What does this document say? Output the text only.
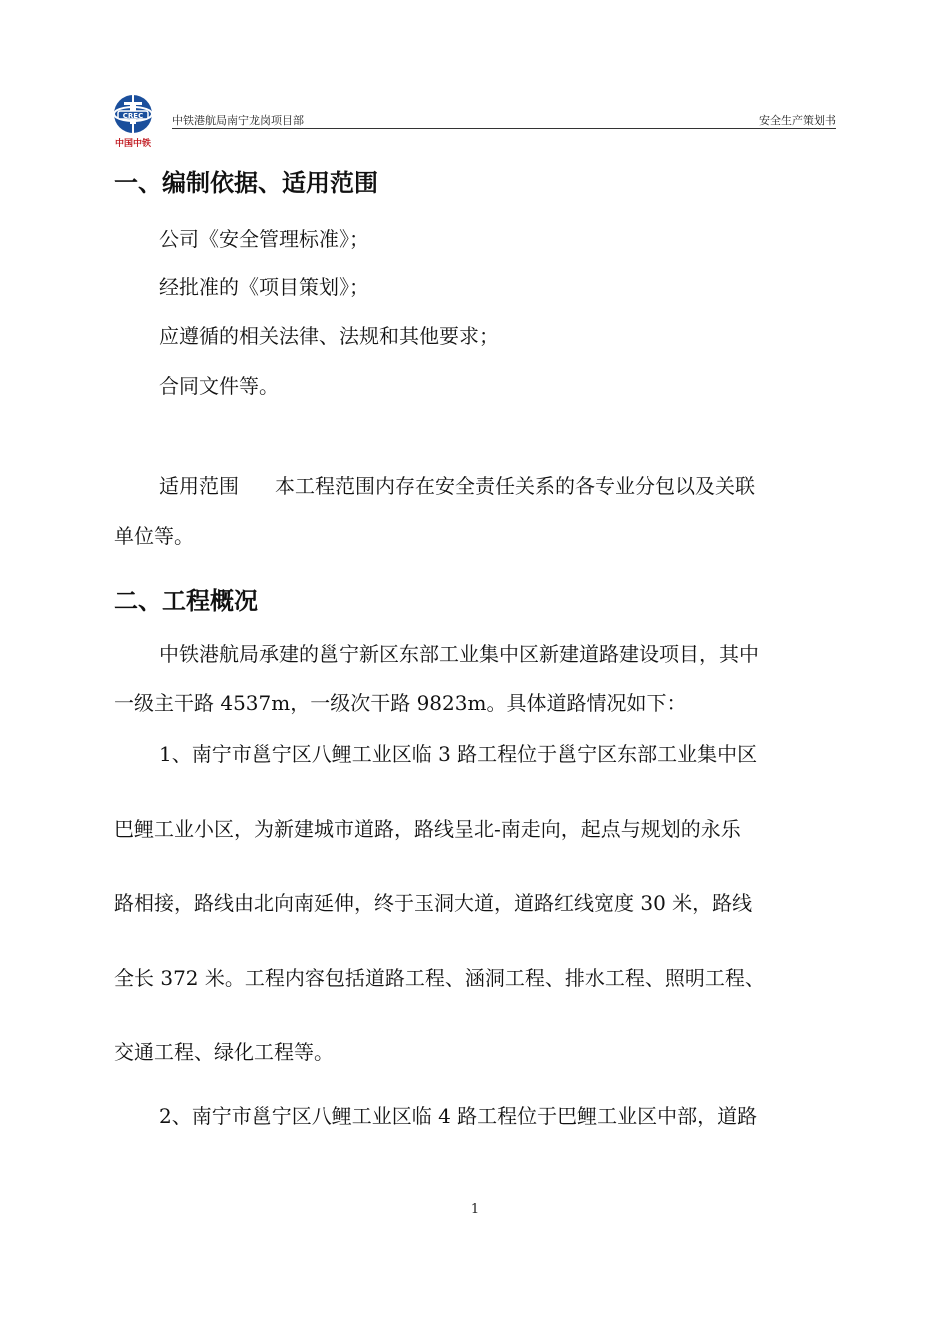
CREC
中国中铁
中铁港航局南宁龙岗项目部	安全生产策划书
一、编制依据、适用范围
公司《安全管理标准》；
经批准的《项目策划》；
应遵循的相关法律、法规和其他要求；
合同文件等。
适用范围 本工程范围内存在安全责任关系的各专业分包以及关联
单位等。
二、工程概况
中铁港航局承建的邕宁新区东部工业集中区新建道路建设项目，其中
一级主干路 4537m，一级次干路 9823m。具体道路情况如下：
1、南宁市邕宁区八鲤工业区临 3 路工程位于邕宁区东部工业集中区
巴鲤工业小区，为新建城市道路，路线呈北-南走向，起点与规划的永乐
路相接，路线由北向南延伸，终于玉洞大道，道路红线宽度 30 米，路线
全长 372 米。工程内容包括道路工程、涵洞工程、排水工程、照明工程、
交通工程、绿化工程等。
2、南宁市邕宁区八鲤工业区临 4 路工程位于巴鲤工业区中部，道路
1
